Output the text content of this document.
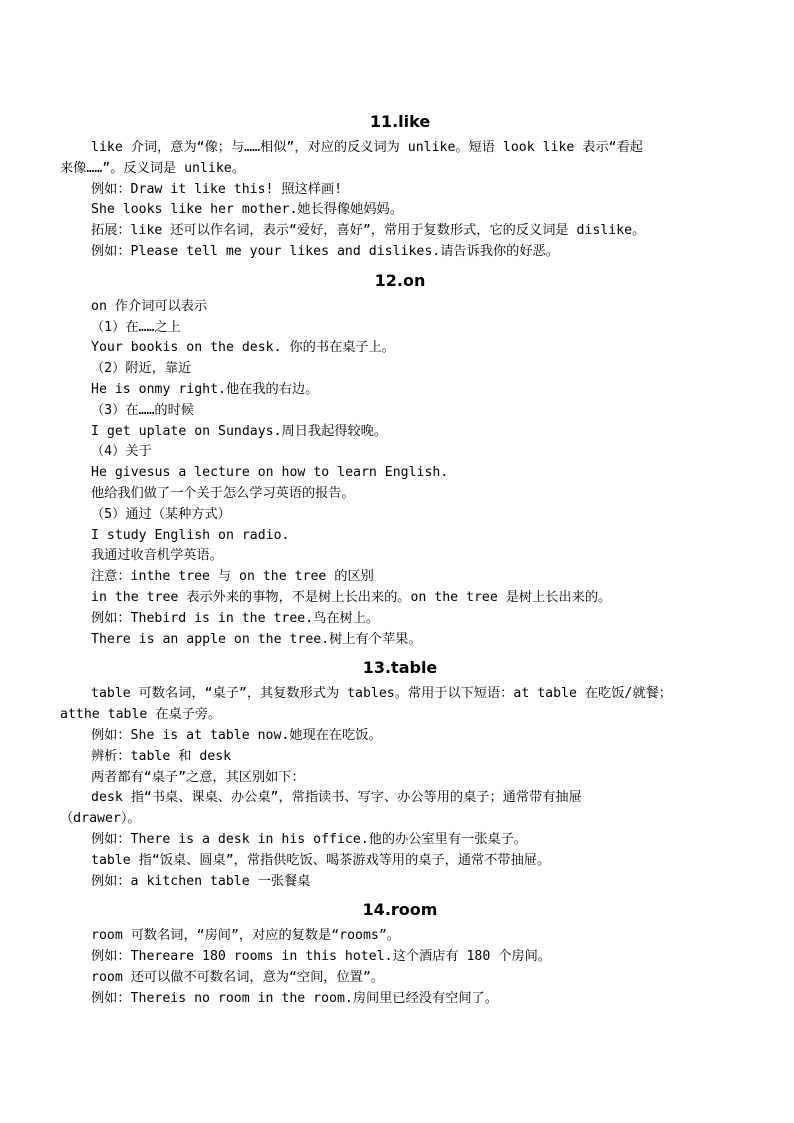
11.like
like 介词，意为“像；与……相似”，对应的反义词为 unlike。短语 look like 表示“看起
来像……”。反义词是 unlike。
例如：Draw it like this! 照这样画!
She looks like her mother.她长得像她妈妈。
拓展：like 还可以作名词，表示“爱好，喜好”，常用于复数形式，它的反义词是 dislike。
例如：Please tell me your likes and dislikes.请告诉我你的好恶。
12.on
on 作介词可以表示
（1）在……之上
Your bookis on the desk. 你的书在桌子上。
（2）附近，靠近
He is onmy right.他在我的右边。
（3）在……的时候
I get uplate on Sundays.周日我起得较晚。
（4）关于
He givesus a lecture on how to learn English.
他给我们做了一个关于怎么学习英语的报告。
（5）通过（某种方式）
I study English on radio.
我通过收音机学英语。
注意：inthe tree 与 on the tree 的区别
in the tree 表示外来的事物，不是树上长出来的。on the tree 是树上长出来的。
例如：Thebird is in the tree.鸟在树上。
There is an apple on the tree.树上有个苹果。
13.table
table 可数名词，“桌子”，其复数形式为 tables。常用于以下短语：at table 在吃饭/就餐；
atthe table 在桌子旁。
例如：She is at table now.她现在在吃饭。
辨析：table 和 desk
两者都有“桌子”之意，其区别如下：
desk 指“书桌、课桌、办公桌”，常指读书、写字、办公等用的桌子；通常带有抽屉
（drawer）。
例如：There is a desk in his office.他的办公室里有一张桌子。
table 指“饭桌、圆桌”，常指供吃饭、喝茶游戏等用的桌子，通常不带抽屉。
例如：a kitchen table 一张餐桌
14.room
room 可数名词，“房间”，对应的复数是“rooms”。
例如：Thereare 180 rooms in this hotel.这个酒店有 180 个房间。
room 还可以做不可数名词，意为“空间，位置”。
例如：Thereis no room in the room.房间里已经没有空间了。
